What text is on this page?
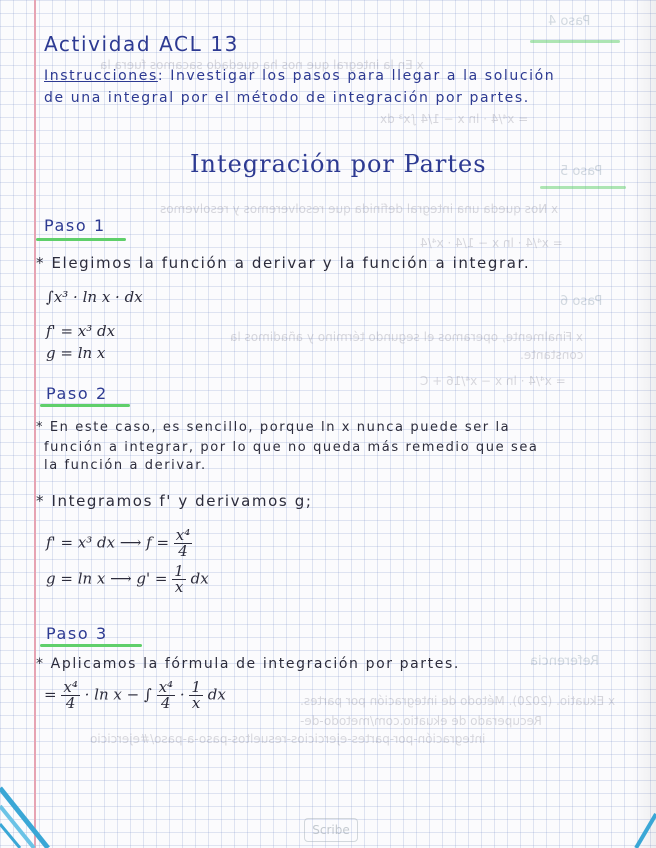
Paso 4
x En la integral que nos ha quedado sacamos fuera la
= x⁴/4 · ln x − 1/4 ∫x³ dx
Paso 5
x Nos queda una integral definida que resolveremos y resolvemos
= x⁴/4 · ln x − 1/4 · x⁴/4
Paso 6
x Finalmente, operamos el segundo término y añadimos la
constante.
= x⁴/4 · ln x − x⁴/16 + C
Referencia
x Ekuatio. (2020). Método de integración por partes.
Recuperado de ekuatio.com/metodo-de-
integración-por-partes-ejercicios-resueltos-paso-a-paso/#ejercicio
Actividad ACL 13
Instrucciones: Investigar los pasos para llegar a la solución
de una integral por el método de integración por partes.
Integración por Partes
Paso 1
* Elegimos la función a derivar y la función a integrar.
∫x³ · ln x · dx
f' = x³ dx
g = ln x
Paso 2
* En este caso, es sencillo, porque ln x nunca puede ser la
función a integrar, por lo que no queda más remedio que sea
la función a derivar.
* Integramos f' y derivamos g;
f' = x³ dx ⟶ $f = \frac{\text{x⁴}}{4}$
g = ln x ⟶ $g' = \frac{1}{x}$ dx
Paso 3
* Aplicamos la fórmula de integración por partes.
= $\frac{\text{x⁴}}{4} \cdot \ln x$ − ∫ $\frac{\text{x⁴}}{4} \cdot \frac{1}{x}$ dx
Scribe
